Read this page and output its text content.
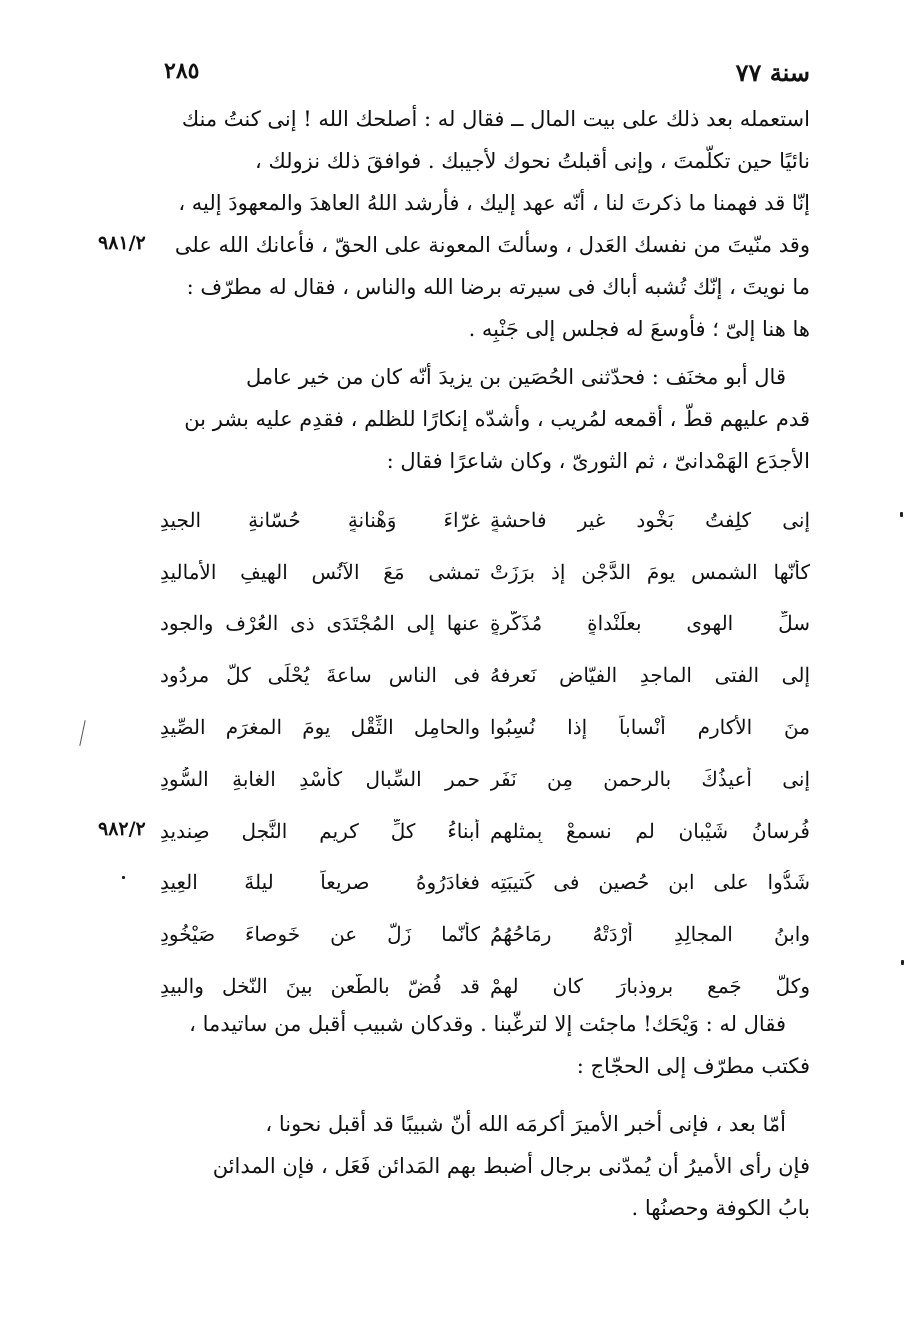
سنة ٧٧
٢٨٥

استعمله بعد ذلك على بيت المال ــ فقال له : أصلحك الله ! إنى كنتُ منك

نائيًا حين تكلّمتَ ، وإنى أقبلتُ نحوك لأجيبك . فوافقَ ذلك نزولك ،

إنّا قد فهمنا ما ذكرتَ لنا ، أنّه عهد إليك ، فأرشد اللهُ العاهدَ والمعهودَ إليه ،

وقد منّيتَ من نفسك العَدل ، وسألتَ المعونة على الحقّ ، فأعانك الله على

ما نويتَ ، إنّك تُشبه أباك فى سيرته برضا الله والناس ، فقال له مطرّف :

ها هنا إلىّ ؛ فأوسعَ له فجلس إلى جَنْبِه .

٩٨١/٢

قال أبو مخنَف : فحدّثنى الحُصَين بن يزيدَ أنّه كان من خير عامل

قدم عليهم قطّ ، أقمعه لمُريب ، وأشدّه إنكارًا للظلم ، فقدِم عليه بشر بن

الأجدَع الهَمْدانىّ ، ثم الثورىّ ، وكان شاعرًا فقال :

إنى كلِفتُ بَخْود غيرِ فاحشةٍ
غرّاءَ وَهْنانةٍ حُسّانةِ الجيدِ
كأنّها الشمس يومَ الدَّجْنِ إذ برَزَتْ
تمشى مَعَ الآنُسِ الهيفِ الأماليدِ
سلِّ الهوى بعلَنْداةٍ مُذَكّرةٍ
عنها إلى المُجْتَدَى ذى العُرْف والجود
إلى الفتى الماجدِ الفيّاضِ نَعرفهُ
فى الناس ساعةَ يُحْلَى كلّ مردُود
منَ الأكارم أنْساباً إذا نُسِبُوا
والحامِلِ الثِّقْلِ يومَ المغرَم الصِّيدِ
إنى أعيذُكَ بالرحمنِ مِن نَفَرٍ
حمر السِّبال كأُسْدِ الغابةِ السُّودِ
فُرسانُ شَيْبان لم نسمعْ بِمثلهِم
أبناءُ كلِّ كريم النَّجلِ صِنديدِ
شَدُّوا على ابنِ حُصينٍ فى كَتيبَتِه
فغادَرُوهُ صريعاً ليلةَ العِيدِ
وابنُ المجالِدِ أرْدَتْهُ رِمَاحُهُمُ
كأنّما زَلّ عن خَوصاءَ صَيْخُودِ
وكلُّ جَمعٍ بروذبارَ كان لهمْ
قد فُضّ بالطّعن بينَ النّخلِ والبيدِ
٩٨٢/٢

فقال له : وَيْحَك! ماجئت إلا لترغّبنا . وقدكان شبيب أقبل من ساتيدما ،

فكتب مطرّف إلى الحجّاج :

أمّا بعد ، فإنى أخبر الأميرَ أكرمَه الله أنّ شبيبًا قد أقبل نحونا ،

فإن رأى الأميرُ أن يُمدّنى برجال أضبط بهم المَدائن فَعَل ، فإن المدائن

بابُ الكوفة وحصنُها .
